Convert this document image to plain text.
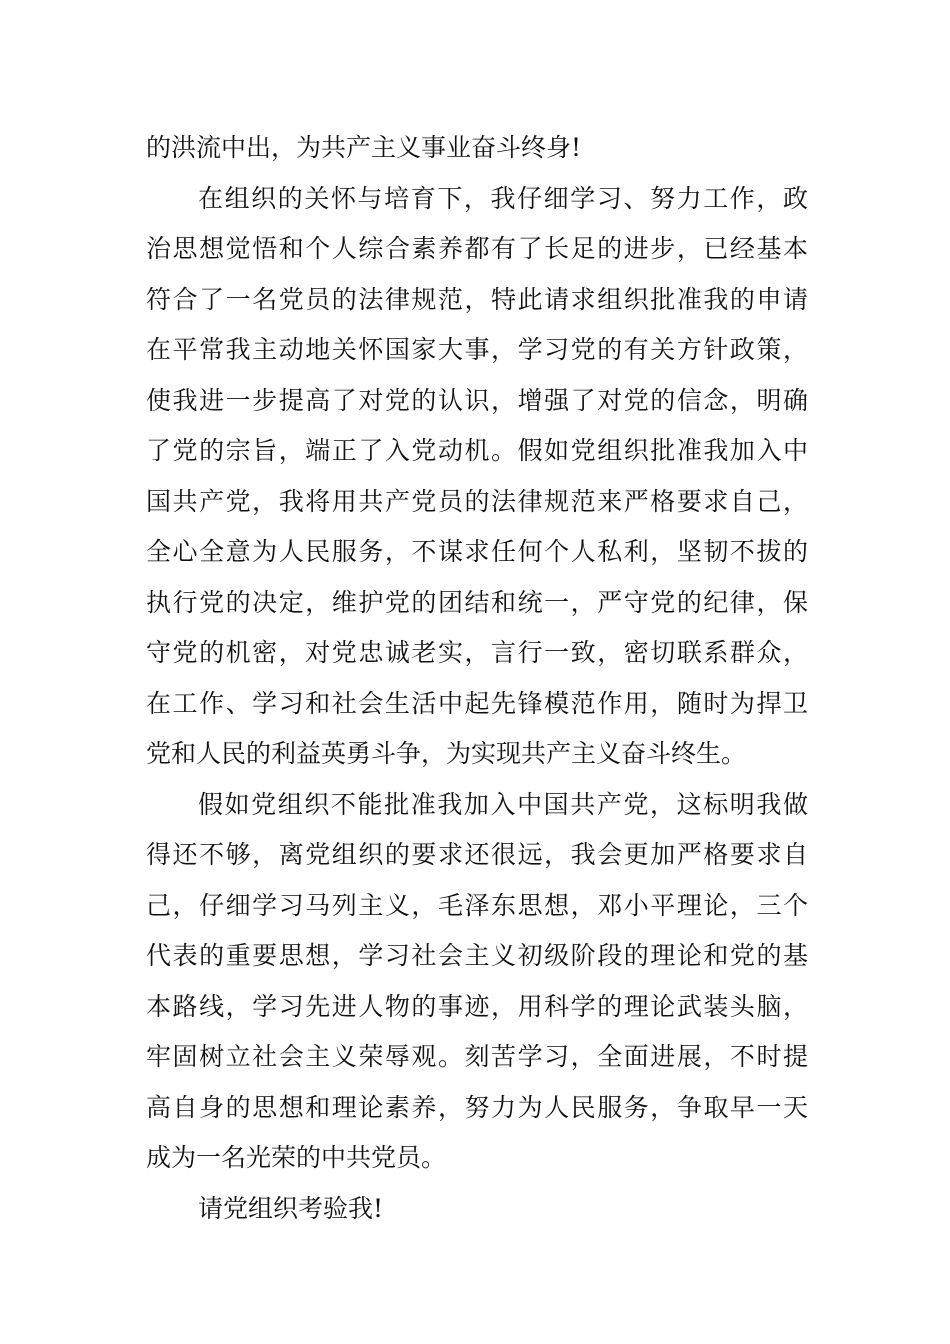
的洪流中出，为共产主义事业奋斗终身!
在组织的关怀与培育下，我仔细学习、努力工作，政
治思想觉悟和个人综合素养都有了长足的进步，已经基本
符合了一名党员的法律规范，特此请求组织批准我的申请
在平常我主动地关怀国家大事，学习党的有关方针政策，
使我进一步提高了对党的认识，增强了对党的信念，明确
了党的宗旨，端正了入党动机。假如党组织批准我加入中
国共产党，我将用共产党员的法律规范来严格要求自己，
全心全意为人民服务，不谋求任何个人私利，坚韧不拔的
执行党的决定，维护党的团结和统一，严守党的纪律，保
守党的机密，对党忠诚老实，言行一致，密切联系群众，
在工作、学习和社会生活中起先锋模范作用，随时为捍卫
党和人民的利益英勇斗争，为实现共产主义奋斗终生。
假如党组织不能批准我加入中国共产党，这标明我做
得还不够，离党组织的要求还很远，我会更加严格要求自
己，仔细学习马列主义，毛泽东思想，邓小平理论，三个
代表的重要思想，学习社会主义初级阶段的理论和党的基
本路线，学习先进人物的事迹，用科学的理论武装头脑，
牢固树立社会主义荣辱观。刻苦学习，全面进展，不时提
高自身的思想和理论素养，努力为人民服务，争取早一天
成为一名光荣的中共党员。
请党组织考验我!
